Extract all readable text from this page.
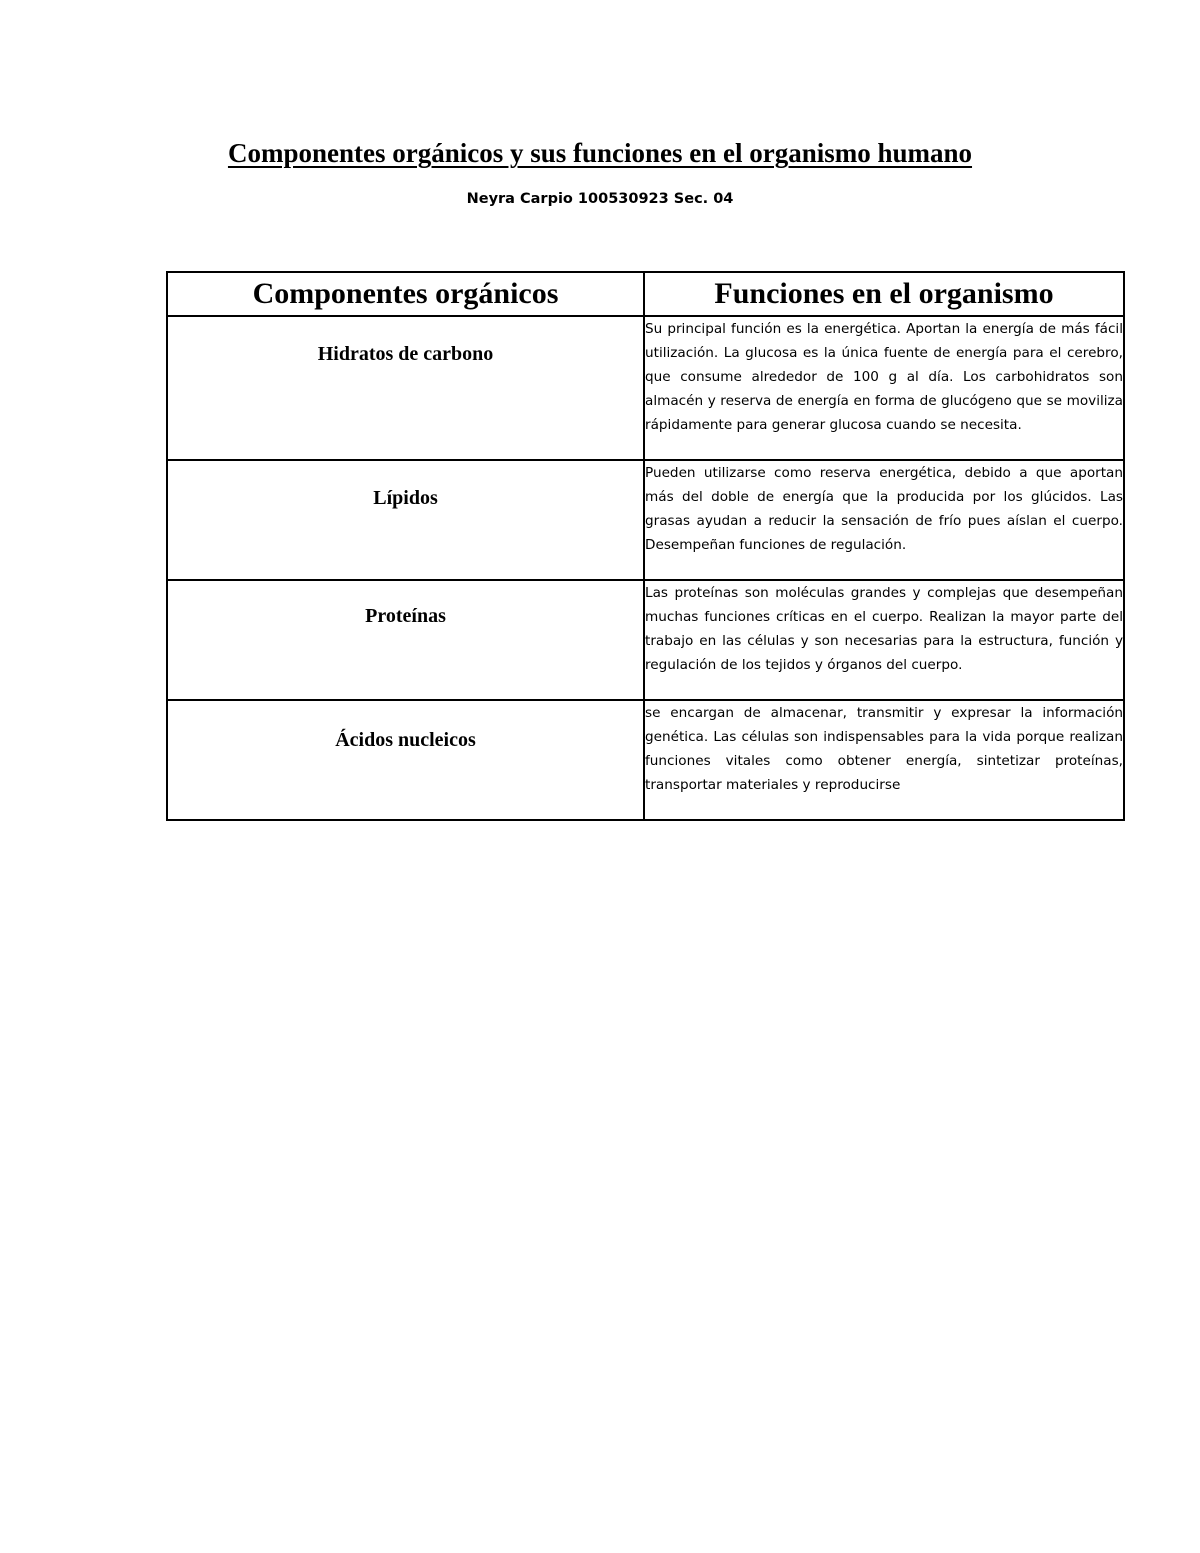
Componentes orgánicos y sus funciones en el organismo humano

Neyra Carpio 100530923 Sec. 04

Componentes orgánicos	Funciones en el organismo

Hidratos de carbono	Su principal función es la energética. Aportan la energía de más fácil utilización. La glucosa es la única fuente de energía para el cerebro, que consume alrededor de 100 g al día. Los carbohidratos son almacén y reserva de energía en forma de glucógeno que se moviliza rápidamente para generar glucosa cuando se necesita.

Lípidos	Pueden utilizarse como reserva energética, debido a que aportan más del doble de energía que la producida por los glúcidos. Las grasas ayudan a reducir la sensación de frío pues aíslan el cuerpo. Desempeñan funciones de regulación.

Proteínas	Las proteínas son moléculas grandes y complejas que desempeñan muchas funciones críticas en el cuerpo. Realizan la mayor parte del trabajo en las células y son necesarias para la estructura, función y regulación de los tejidos y órganos del cuerpo.

Ácidos nucleicos	se encargan de almacenar, transmitir y expresar la información genética. Las células son indispensables para la vida porque realizan funciones vitales como obtener energía, sintetizar proteínas, transportar materiales y reproducirse
